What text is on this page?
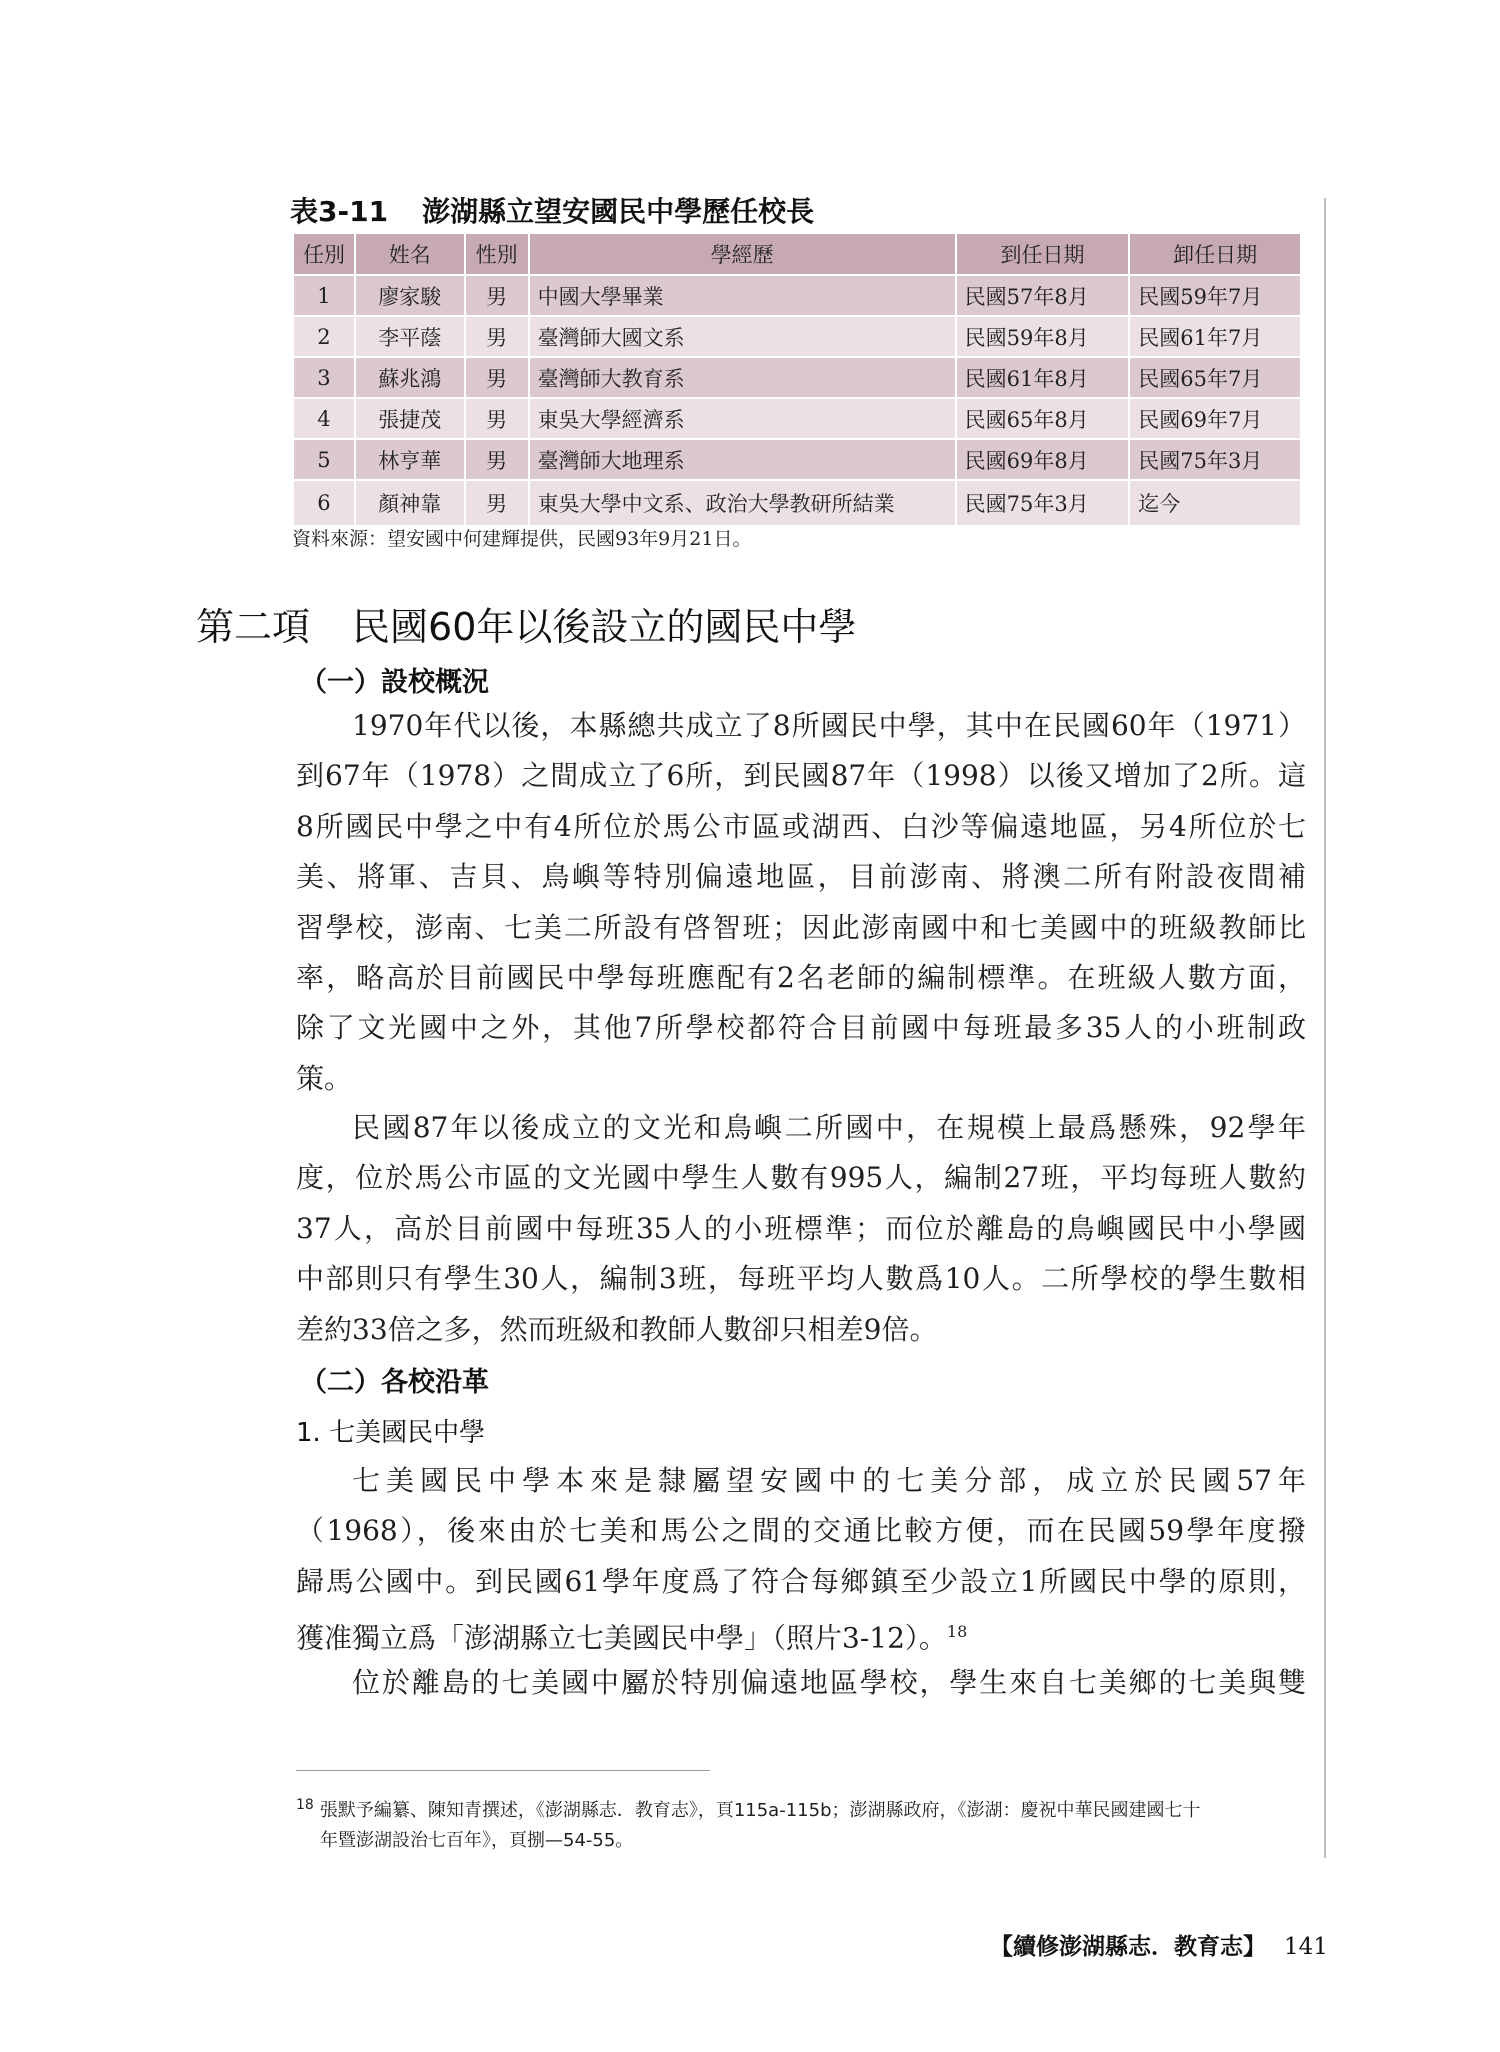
表3-11 澎湖縣立望安國民中學歷任校長
任別	姓名	性別	學經歷	到任日期	卸任日期
1	廖家駿	男	中國大學畢業	民國57年8月	民國59年7月
2	李平蔭	男	臺灣師大國文系	民國59年8月	民國61年7月
3	蘇兆鴻	男	臺灣師大教育系	民國61年8月	民國65年7月
4	張捷茂	男	東吳大學經濟系	民國65年8月	民國69年7月
5	林亨華	男	臺灣師大地理系	民國69年8月	民國75年3月
6	顏神靠	男	東吳大學中文系、政治大學教研所結業	民國75年3月	迄今
資料來源：望安國中何建輝提供，民國93年9月21日。
第二項 民國60年以後設立的國民中學
（一）設校概況
1970年代以後，本縣總共成立了8所國民中學，其中在民國60年（1971）
到67年（1978）之間成立了6所，到民國87年（1998）以後又增加了2所。這
8所國民中學之中有4所位於馬公市區或湖西、白沙等偏遠地區，另4所位於七
美、將軍、吉貝、鳥嶼等特別偏遠地區，目前澎南、將澳二所有附設夜間補
習學校，澎南、七美二所設有啓智班；因此澎南國中和七美國中的班級教師比
率，略高於目前國民中學每班應配有2名老師的編制標準。在班級人數方面，
除了文光國中之外，其他7所學校都符合目前國中每班最多35人的小班制政
策。
民國87年以後成立的文光和鳥嶼二所國中，在規模上最爲懸殊，92學年
度，位於馬公市區的文光國中學生人數有995人，編制27班，平均每班人數約
37人，高於目前國中每班35人的小班標準；而位於離島的鳥嶼國民中小學國
中部則只有學生30人，編制3班，每班平均人數爲10人。二所學校的學生數相
差約33倍之多，然而班級和教師人數卻只相差9倍。
（二）各校沿革
1. 七美國民中學
七美國民中學本來是隸屬望安國中的七美分部，成立於民國57年
（1968），後來由於七美和馬公之間的交通比較方便，而在民國59學年度撥
歸馬公國中。到民國61學年度爲了符合每鄉鎮至少設立1所國民中學的原則，
獲准獨立爲「澎湖縣立七美國民中學」（照片3-12）。$^{18}$
位於離島的七美國中屬於特別偏遠地區學校，學生來自七美鄉的七美與雙
$^{18}$ 張默予編纂、陳知青撰述，《澎湖縣志．教育志》，頁115a-115b；澎湖縣政府，《澎湖：慶祝中華民國建國七十
年暨澎湖設治七百年》，頁捌—54-55。
【續修澎湖縣志．教育志】 141
